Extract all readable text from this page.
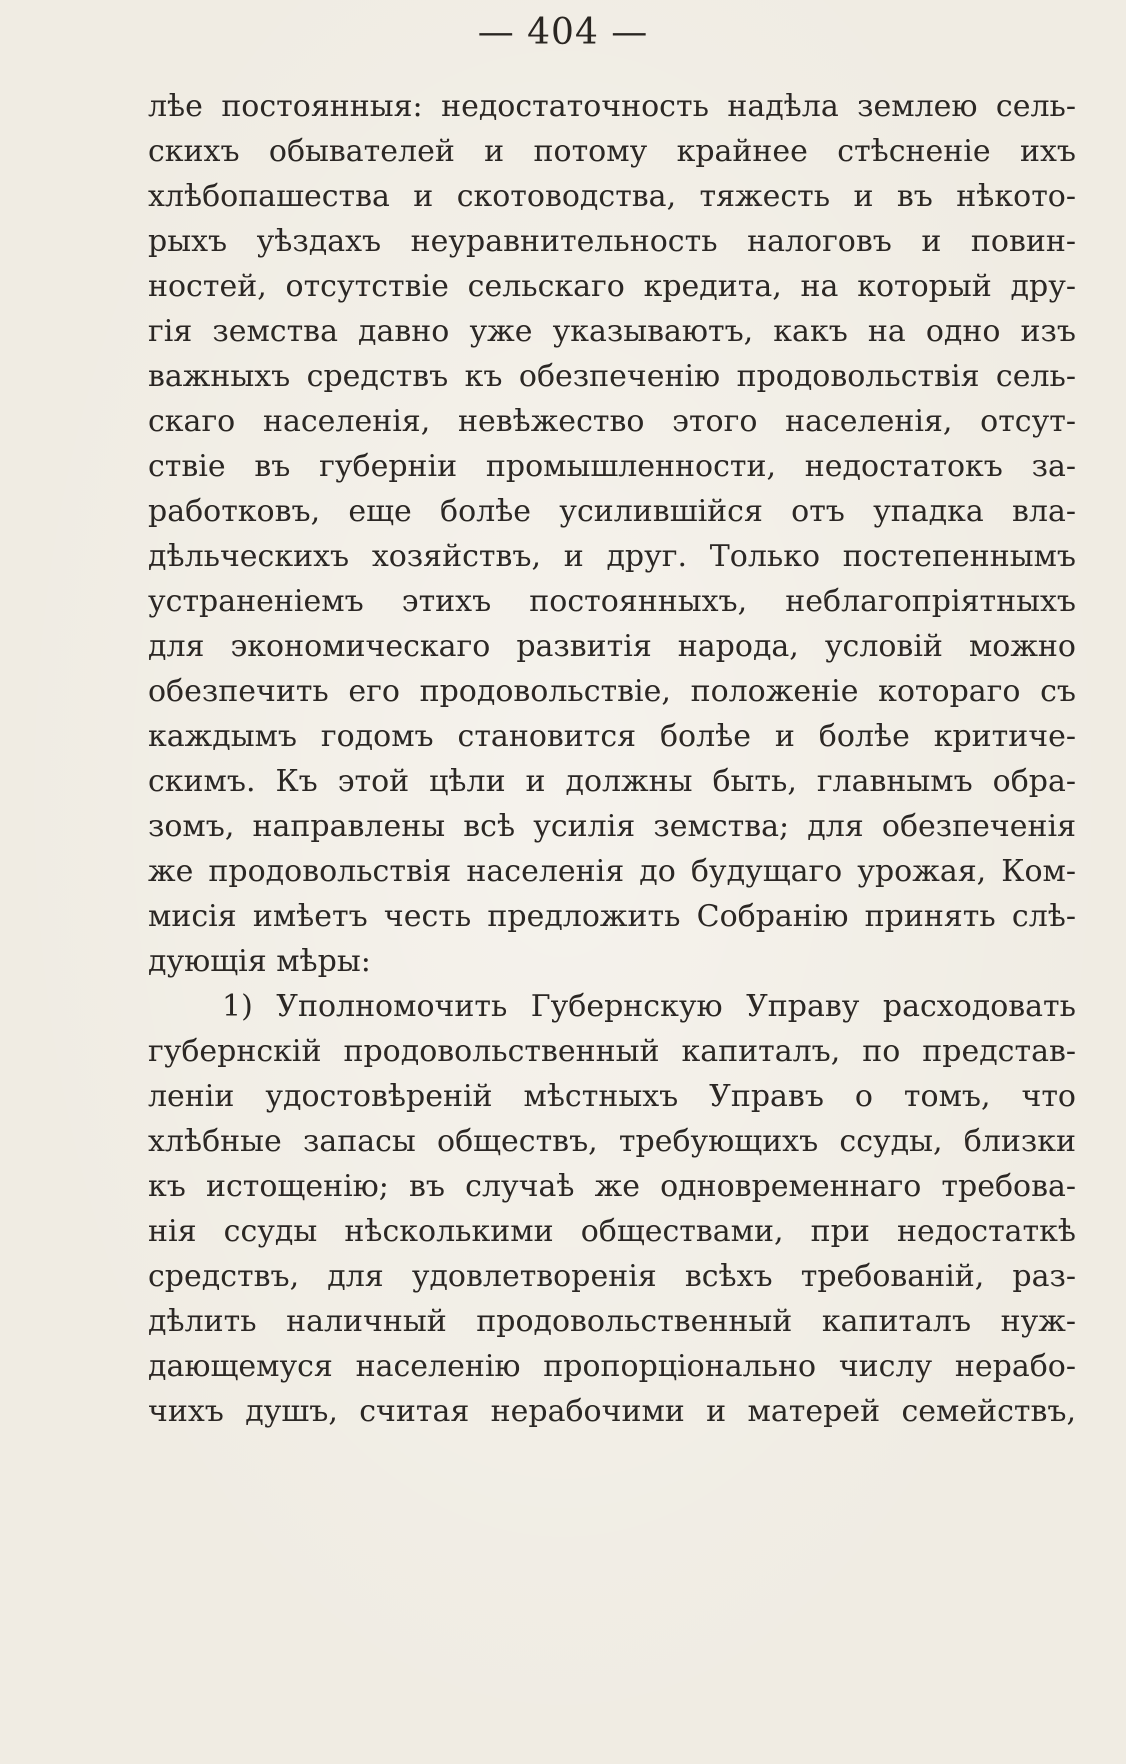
— 404 —
лѣе постоянныя: недостаточность надѣла землею сель-
скихъ обывателей и потому крайнее стѣсненіе ихъ
хлѣбопашества и скотоводства, тяжесть и въ нѣкото-
рыхъ уѣздахъ неуравнительность налоговъ и повин-
ностей, отсутствіе сельскаго кредита, на который дру-
гія земства давно уже указываютъ, какъ на одно изъ
важныхъ средствъ къ обезпеченію продовольствія сель-
скаго населенія, невѣжество этого населенія, отсут-
ствіе въ губерніи промышленности, недостатокъ за-
работковъ, еще болѣе усилившійся отъ упадка вла-
дѣльческихъ хозяйствъ, и друг. Только постепеннымъ
устраненіемъ этихъ постоянныхъ, неблагопріятныхъ
для экономическаго развитія народа, условій можно
обезпечить его продовольствіе, положеніе котораго съ
каждымъ годомъ становится болѣе и болѣе критиче-
скимъ. Къ этой цѣли и должны быть, главнымъ обра-
зомъ, направлены всѣ усилія земства; для обезпеченія
же продовольствія населенія до будущаго урожая, Ком-
мисія имѣетъ честь предложить Собранію принять слѣ-
дующія мѣры:
1) Уполномочить Губернскую Управу расходовать
губернскій продовольственный капиталъ, по представ-
леніи удостовѣреній мѣстныхъ Управъ о томъ, что
хлѣбные запасы обществъ, требующихъ ссуды, близки
къ истощенію; въ случаѣ же одновременнаго требова-
нія ссуды нѣсколькими обществами, при недостаткѣ
средствъ, для удовлетворенія всѣхъ требованій, раз-
дѣлить наличный продовольственный капиталъ нуж-
дающемуся населенію пропорціонально числу нерабо-
чихъ душъ, считая нерабочими и матерей семействъ,
